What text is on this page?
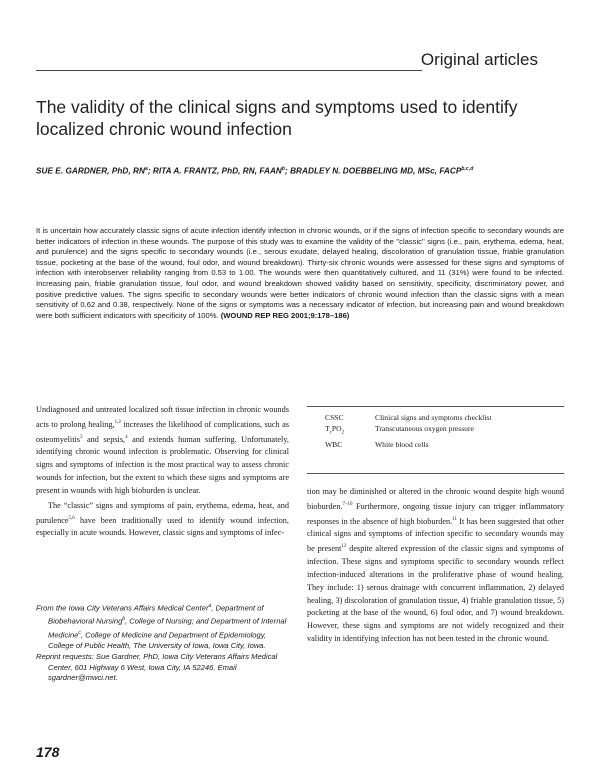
Original articles
The validity of the clinical signs and symptoms used to identify localized chronic wound infection
SUE E. GARDNER, PhD, $RN^a$; RITA A. FRANTZ, PhD, RN, FAAN$^b$; BRADLEY N. DOEBBELING MD, MSc, FACP$^{b,c,d}$
It is uncertain how accurately classic signs of acute infection identify infection in chronic wounds, or if the signs of infection specific to secondary wounds are better indicators of infection in these wounds. The purpose of this study was to examine the validity of the ''classic'' signs (i.e., pain, erythema, edema, heat, and purulence) and the signs specific to secondary wounds (i.e., serous exudate, delayed healing, discoloration of granulation tissue, friable granulation tissue, pocketing at the base of the wound, foul odor, and wound breakdown). Thirty-six chronic wounds were assessed for these signs and symptoms of infection with interobserver reliability ranging from 0.53 to 1.00. The wounds were then quantitatively cultured, and 11 (31%) were found to be infected. Increasing pain, friable granulation tissue, foul odor, and wound breakdown showed validity based on sensitivity, specificity, discriminatory power, and positive predictive values. The signs specific to secondary wounds were better indicators of chronic wound infection than the classic signs with a mean sensitivity of 0.62 and 0.38, respectively. None of the signs or symptoms was a necessary indicator of infection, but increasing pain and wound breakdown were both sufficient indicators with specificity of 100%. (WOUND REP REG 2001;9:178–186)

Undiagnosed and untreated localized soft tissue infection in chronic wounds acts to prolong healing,$^{1,2}$ increases the likelihood of complications, such as osteomyelitis$^3$ and sepsis,$^4$ and extends human suffering. Unfortunately, identifying chronic wound infection is problematic. Observing for clinical signs and symptoms of infection is the most practical way to assess chronic wounds for infection, but the extent to which these signs and symptoms are present in wounds with high bioburden is unclear.

The “classic” signs and symptoms of pain, erythema, edema, heat, and purulence$^{5,6}$ have been traditionally used to identify wound infection, especially in acute wounds. However, classic signs and symptoms of infec-

CSSC	Clinical signs and symptoms checklist
$T_cPO_2$
Transcutaneous oxygen pressure
WBC	White blood cells

tion may be diminished or altered in the chronic wound despite high wound bioburden.$^{7-10}$ Furthermore, ongoing tissue injury can trigger inflammatory responses in the absence of high bioburden.$^{11}$ It has been suggested that other clinical signs and symptoms of infection specific to secondary wounds may be present$^{12}$ despite altered expression of the classic signs and symptoms of infection. These signs and symptoms specific to secondary wounds reflect infection-induced alterations in the proliferative phase of wound healing. They include: 1) serous drainage with concurrent inflammation, 2) delayed healing, 3) discoloration of granulation tissue, 4) friable granulation tissue, 5) pocketing at the base of the wound, 6) foul odor, and 7) wound breakdown. However, these signs and symptoms are not widely recognized and their validity in identifying infection has not been tested in the chronic wound.

From the Iowa City Veterans Affairs Medical Center$^a$, Department of Biobehavioral Nursing$^b$, College of Nursing; and Department of Internal Medicine$^c$, College of Medicine and Department of Epidemiology, College of Public Health, The University of Iowa, Iowa City, Iowa.

Reprint requests: Sue Gardner, PhD, Iowa City Veterans Affairs Medical Center, 601 Highway 6 West, Iowa City, IA 52246. Email sgardner@mwci.net.

178
